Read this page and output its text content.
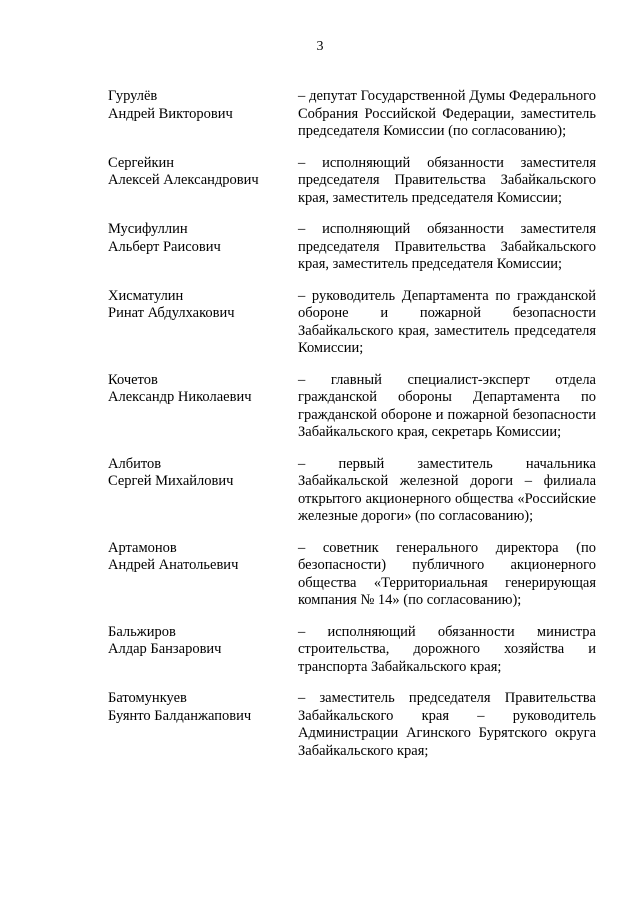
3
Гурулёв
Андрей Викторович
– депутат Государственной Думы Федерального Собрания Российской Федерации, заместитель председателя Комиссии (по согласованию);
Сергейкин
Алексей Александрович
– исполняющий обязанности заместителя председателя Правительства Забайкальского края, заместитель председателя Комиссии;
Мусифуллин
Альберт Раисович
– исполняющий обязанности заместителя председателя Правительства Забайкальского края, заместитель председателя Комиссии;
Хисматулин
Ринат Абдулхакович
– руководитель Департамента по гражданской обороне и пожарной безопасности Забайкальского края, заместитель председателя Комиссии;
Кочетов
Александр Николаевич
– главный специалист-эксперт отдела гражданской обороны Департамента по гражданской обороне и пожарной безопасности Забайкальского края, секретарь Комиссии;
Албитов
Сергей Михайлович
– первый заместитель начальника Забайкальской железной дороги – филиала открытого акционерного общества «Российские железные дороги» (по согласованию);
Артамонов
Андрей Анатольевич
– советник генерального директора (по безопасности) публичного акционерного общества «Территориальная генерирующая компания № 14» (по согласованию);
Бальжиров
Алдар Банзарович
– исполняющий обязанности министра строительства, дорожного хозяйства и транспорта Забайкальского края;
Батомункуев
Буянто Балданжапович
– заместитель председателя Правительства Забайкальского края – руководитель Администрации Агинского Бурятского округа Забайкальского края;
